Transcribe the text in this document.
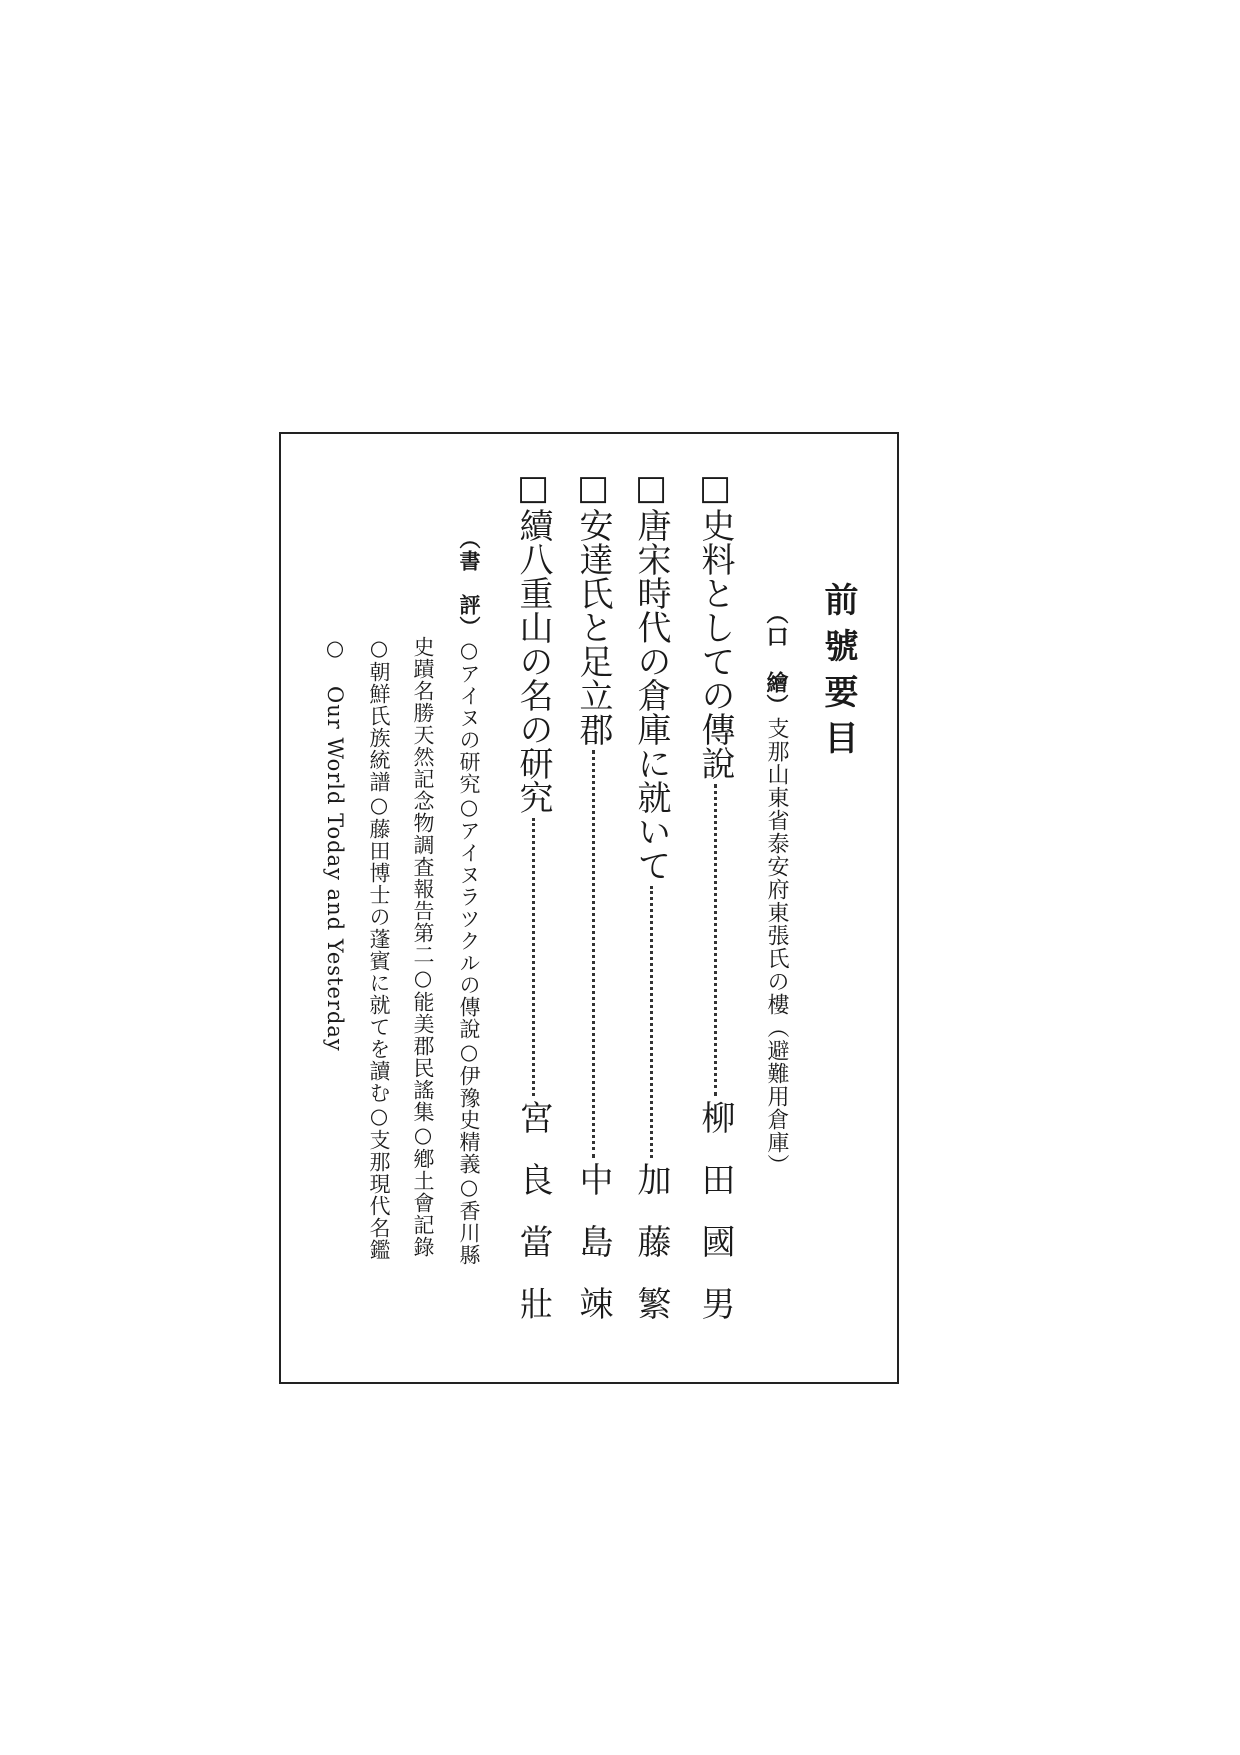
前號要目
（口　繪）支那山東省泰安府東張氏の樓（避難用倉庫）
□史料としての傳說
柳田國男
□唐宋時代の倉庫に就いて
加藤繁
□安達氏と足立郡
中島竦
□續八重山の名の研究
宮良當壯
（書　評）○アイヌの研究○アイヌラツクルの傳說○伊豫史精義○香川縣
史蹟名勝天然記念物調査報告第二○能美郡民謠集○鄕土會記錄
○朝鮮氏族統譜○藤田博士の蓬賓に就てを讀む○支那現代名鑑
○ Our World Today and Yesterday
